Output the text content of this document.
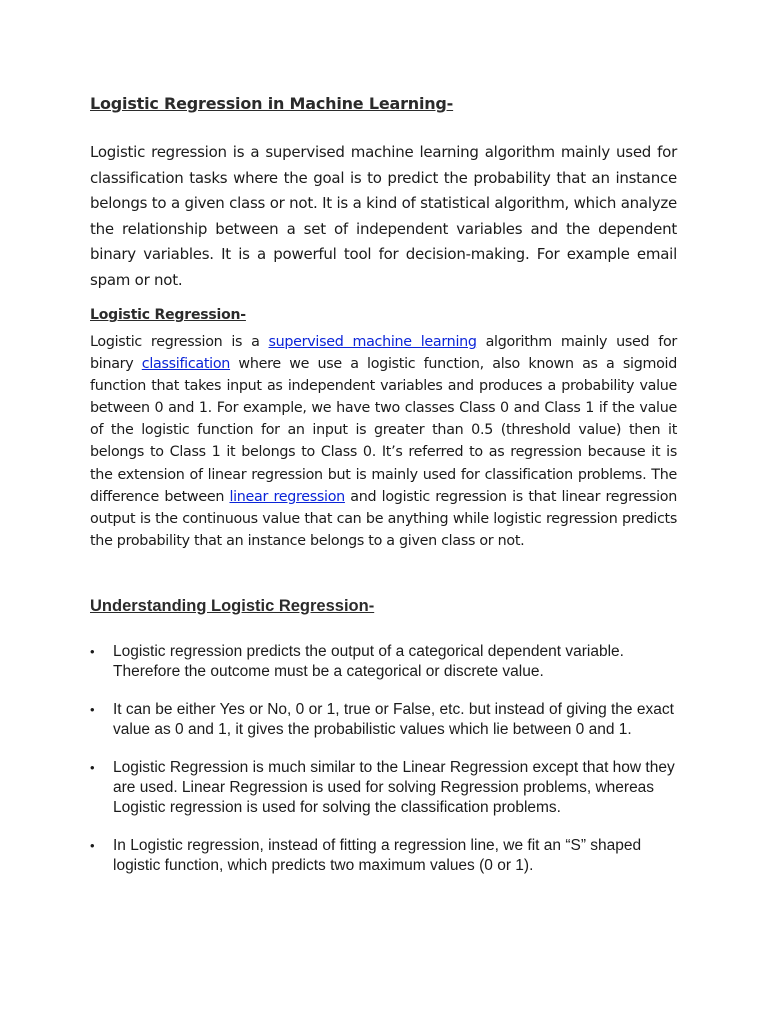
Logistic Regression in Machine Learning-

Logistic regression is a supervised machine learning algorithm mainly used for classification tasks where the goal is to predict the probability that an instance belongs to a given class or not. It is a kind of statistical algorithm, which analyze the relationship between a set of independent variables and the dependent binary variables. It is a powerful tool for decision-making. For example email spam or not.

Logistic Regression-

Logistic regression is a supervised machine learning algorithm mainly used for binary classification where we use a logistic function, also known as a sigmoid function that takes input as independent variables and produces a probability value between 0 and 1. For example, we have two classes Class 0 and Class 1 if the value of the logistic function for an input is greater than 0.5 (threshold value) then it belongs to Class 1 it belongs to Class 0. It’s referred to as regression because it is the extension of linear regression but is mainly used for classification problems. The difference between linear regression and logistic regression is that linear regression output is the continuous value that can be anything while logistic regression predicts the probability that an instance belongs to a given class or not.

Understanding Logistic Regression-
• Logistic regression predicts the output of a categorical dependent variable. Therefore the outcome must be a categorical or discrete value.
• It can be either Yes or No, 0 or 1, true or False, etc. but instead of giving the exact value as 0 and 1, it gives the probabilistic values which lie between 0 and 1.
• Logistic Regression is much similar to the Linear Regression except that how they are used. Linear Regression is used for solving Regression problems, whereas Logistic regression is used for solving the classification problems.
• In Logistic regression, instead of fitting a regression line, we fit an “S” shaped logistic function, which predicts two maximum values (0 or 1).
